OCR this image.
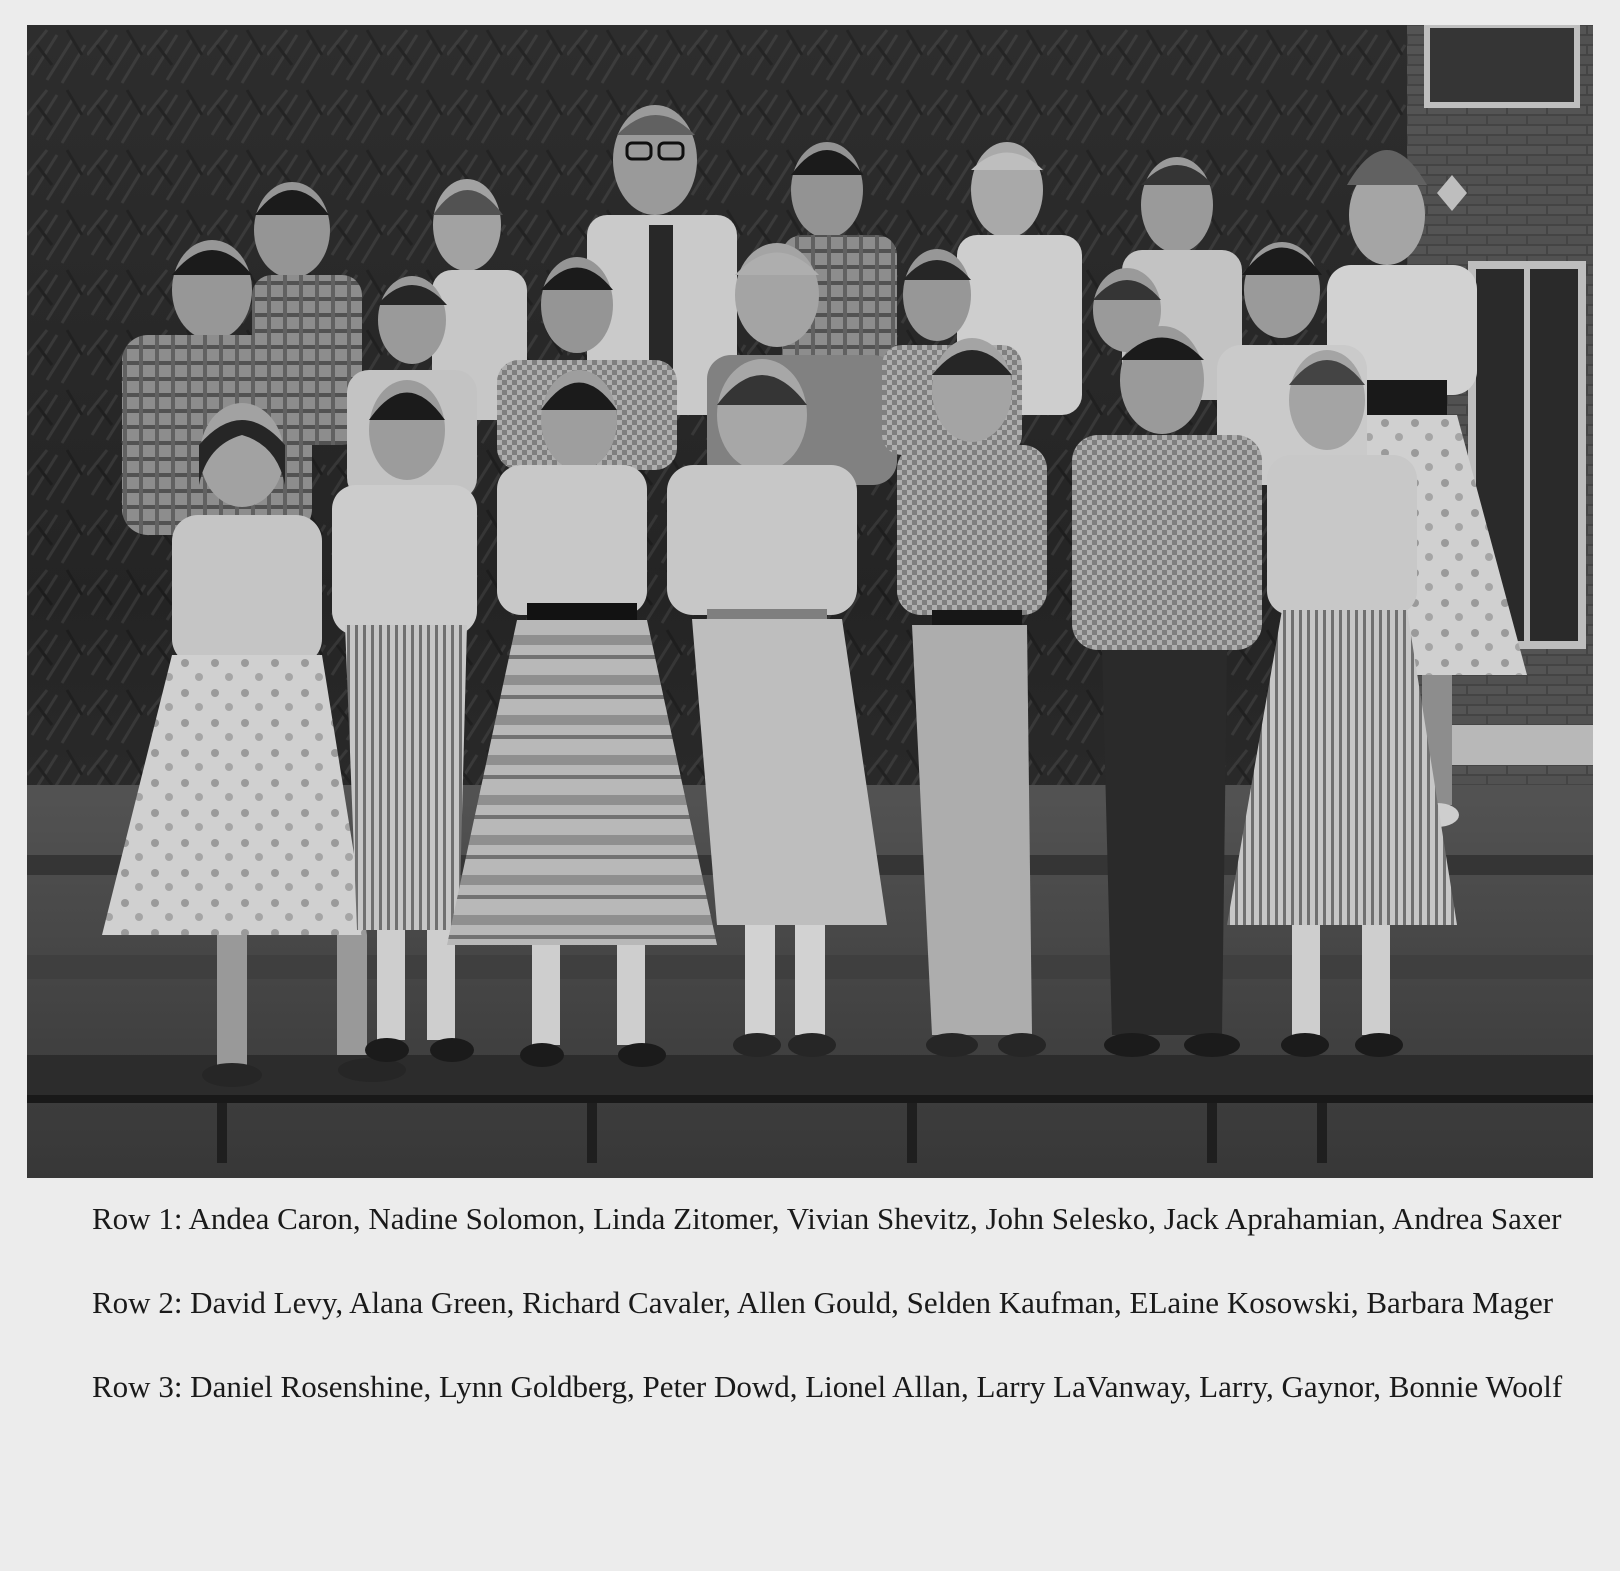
Row 1: Andea Caron, Nadine Solomon, Linda Zitomer, Vivian Shevitz, John Selesko, Jack Aprahamian, Andrea Saxer

Row 2: David Levy, Alana Green, Richard Cavaler, Allen Gould, Selden Kaufman, ELaine Kosowski, Barbara Mager

Row 3: Daniel Rosenshine, Lynn Goldberg, Peter Dowd, Lionel Allan, Larry LaVanway, Larry, Gaynor, Bonnie Woolf
